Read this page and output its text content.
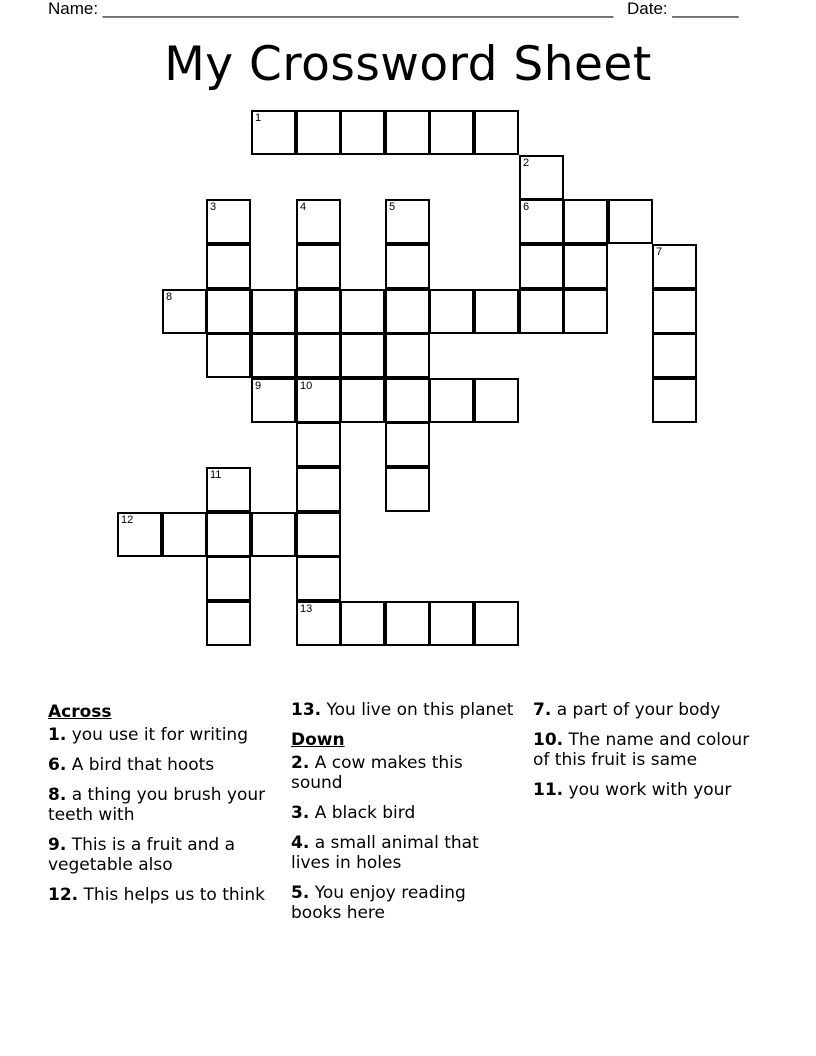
Name: ______________________________________________________ Date: _______
My Crossword Sheet
1
2
3	4	5	6
7
8
9	10
11
12
13
Across
1. you use it for writing
6. A bird that hoots
8. a thing you brush your teeth with
9. This is a fruit and a vegetable also
12. This helps us to think
13. You live on this planet
Down
2. A cow makes this sound
3. A black bird
4. a small animal that lives in holes
5. You enjoy reading books here
7. a part of your body
10. The name and colour of this fruit is same
11. you work with your
